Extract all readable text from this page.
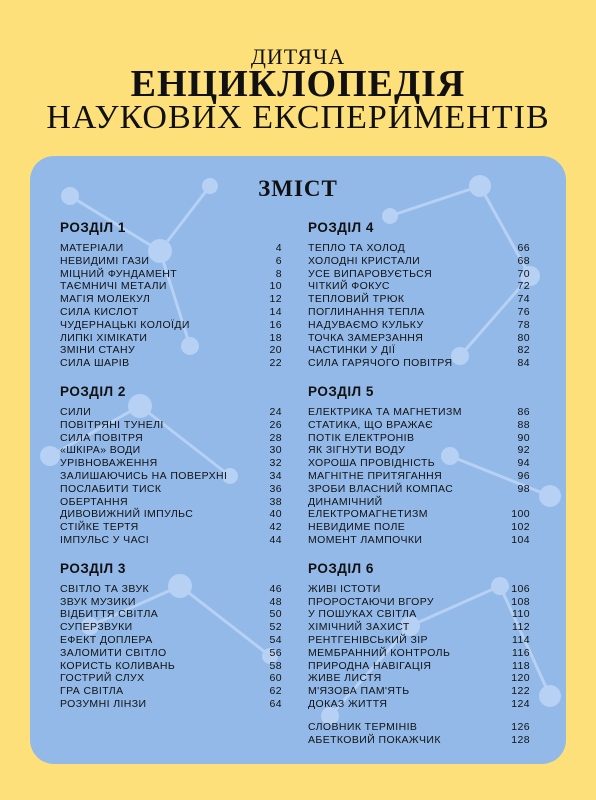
ДИТЯЧА
ЕНЦИКЛОПЕДІЯ
НАУКОВИХ ЕКСПЕРИМЕНТІВ
ЗМІСТ
РОЗДІЛ 1
МАТЕРІАЛИ	4
НЕВИДИМІ ГАЗИ	6
МІЦНИЙ ФУНДАМЕНТ	8
ТАЄМНИЧІ МЕТАЛИ	10
МАГІЯ МОЛЕКУЛ	12
СИЛА КИСЛОТ	14
ЧУДЕРНАЦЬКІ КОЛОЇДИ	16
ЛИПКІ ХІМІКАТИ	18
ЗМІНИ СТАНУ	20
СИЛА ШАРІВ	22
РОЗДІЛ 2
СИЛИ	24
ПОВІТРЯНІ ТУНЕЛІ	26
СИЛА ПОВІТРЯ	28
«ШКІРА» ВОДИ	30
УРІВНОВАЖЕННЯ	32
ЗАЛИШАЮЧИСЬ НА ПОВЕРХНІ	34
ПОСЛАБИТИ ТИСК	36
ОБЕРТАННЯ	38
ДИВОВИЖНИЙ ІМПУЛЬС	40
СТІЙКЕ ТЕРТЯ	42
ІМПУЛЬС У ЧАСІ	44
РОЗДІЛ 3
СВІТЛО ТА ЗВУК	46
ЗВУК МУЗИКИ	48
ВІДБИТТЯ СВІТЛА	50
СУПЕРЗВУКИ	52
ЕФЕКТ ДОПЛЕРА	54
ЗАЛОМИТИ СВІТЛО	56
КОРИСТЬ КОЛИВАНЬ	58
ГОСТРИЙ СЛУХ	60
ГРА СВІТЛА	62
РОЗУМНІ ЛІНЗИ	64
РОЗДІЛ 4
ТЕПЛО ТА ХОЛОД	66
ХОЛОДНІ КРИСТАЛИ	68
УСЕ ВИПАРОВУЄТЬСЯ	70
ЧІТКИЙ ФОКУС	72
ТЕПЛОВИЙ ТРЮК	74
ПОГЛИНАННЯ ТЕПЛА	76
НАДУВАЄМО КУЛЬКУ	78
ТОЧКА ЗАМЕРЗАННЯ	80
ЧАСТИНКИ У ДІЇ	82
СИЛА ГАРЯЧОГО ПОВІТРЯ	84
РОЗДІЛ 5
ЕЛЕКТРИКА ТА МАГНЕТИЗМ	86
СТАТИКА, ЩО ВРАЖАЄ	88
ПОТІК ЕЛЕКТРОНІВ	90
ЯК ЗІГНУТИ ВОДУ	92
ХОРОША ПРОВІДНІСТЬ	94
МАГНІТНЕ ПРИТЯГАННЯ	96
ЗРОБИ ВЛАСНИЙ КОМПАС	98
ДИНАМІЧНИЙ
ЕЛЕКТРОМАГНЕТИЗМ	100
НЕВИДИМЕ ПОЛЕ	102
МОМЕНТ ЛАМПОЧКИ	104
РОЗДІЛ 6
ЖИВІ ІСТОТИ	106
ПРОРОСТАЮЧИ ВГОРУ	108
У ПОШУКАХ СВІТЛА	110
ХІМІЧНИЙ ЗАХИСТ	112
РЕНТГЕНІВСЬКИЙ ЗІР	114
МЕМБРАННИЙ КОНТРОЛЬ	116
ПРИРОДНА НАВІГАЦІЯ	118
ЖИВЕ ЛИСТЯ	120
М'ЯЗОВА ПАМ'ЯТЬ	122
ДОКАЗ ЖИТТЯ	124
СЛОВНИК ТЕРМІНІВ	126
АБЕТКОВИЙ ПОКАЖЧИК	128
